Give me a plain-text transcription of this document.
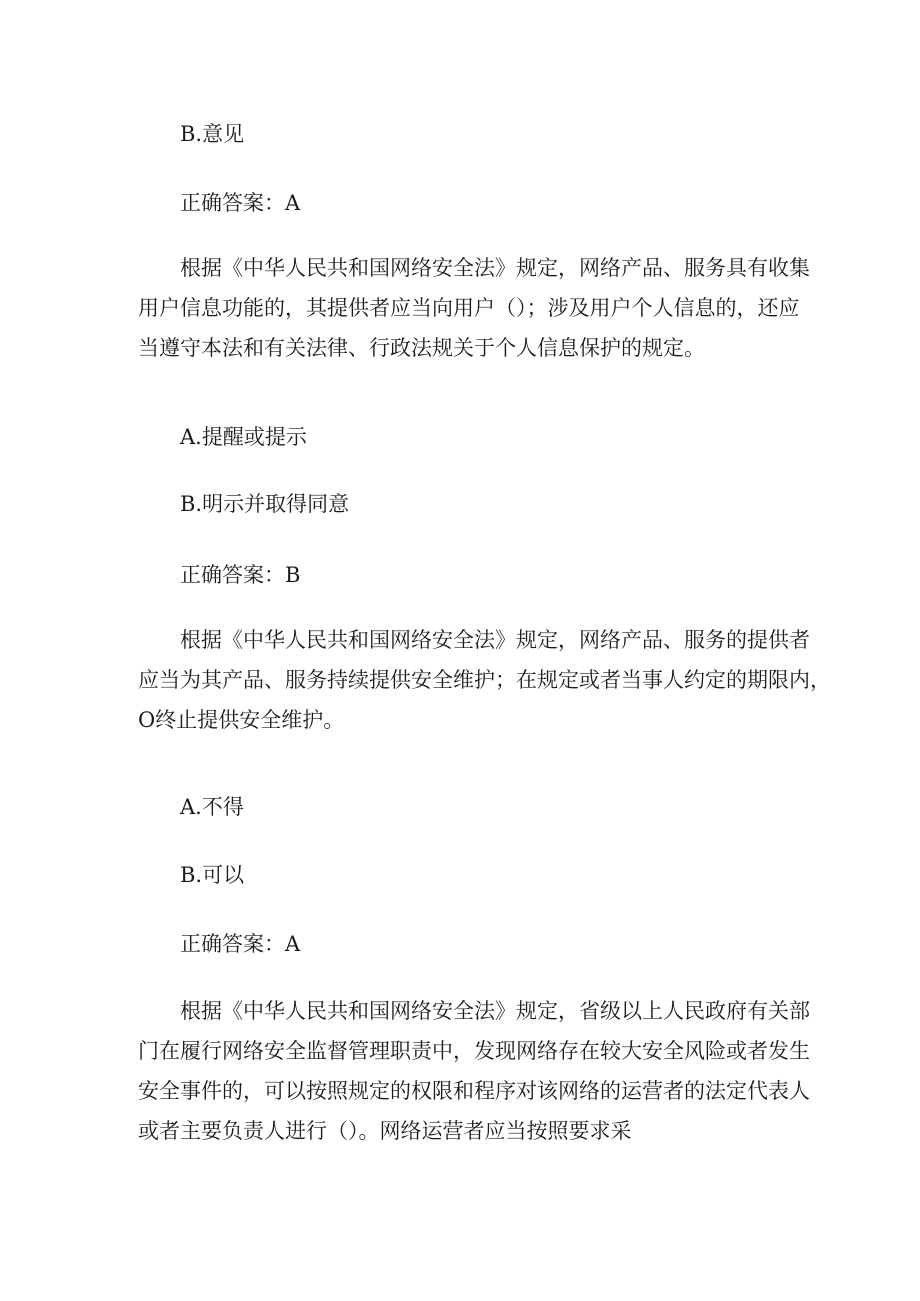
B.意见
正确答案：A
根据《中华人民共和国网络安全法》规定，网络产品、服务具有收集
用户信息功能的，其提供者应当向用户（）；涉及用户个人信息的，还应
当遵守本法和有关法律、行政法规关于个人信息保护的规定。
A.提醒或提示
B.明示并取得同意
正确答案：B
根据《中华人民共和国网络安全法》规定，网络产品、服务的提供者
应当为其产品、服务持续提供安全维护；在规定或者当事人约定的期限内，
O终止提供安全维护。
A.不得
B.可以
正确答案：A
根据《中华人民共和国网络安全法》规定，省级以上人民政府有关部
门在履行网络安全监督管理职责中，发现网络存在较大安全风险或者发生
安全事件的，可以按照规定的权限和程序对该网络的运营者的法定代表人
或者主要负责人进行（）。网络运营者应当按照要求采
